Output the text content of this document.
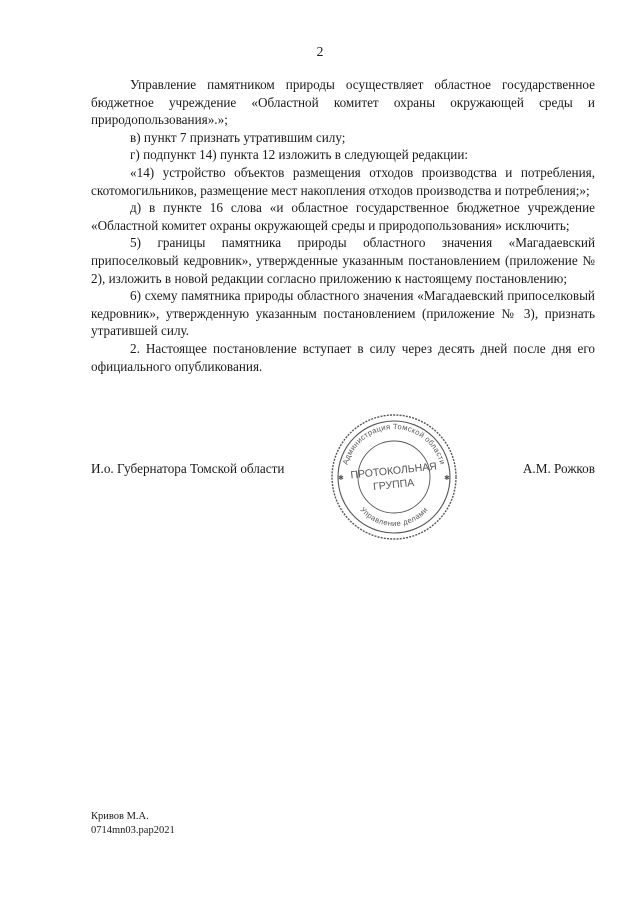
2

Управление памятником природы осуществляет областное государственное бюджетное учреждение «Областной комитет охраны окружающей среды и природопользования».»;

в) пункт 7 признать утратившим силу;

г) подпункт 14) пункта 12 изложить в следующей редакции:

«14) устройство объектов размещения отходов производства и потребления, скотомогильников, размещение мест накопления отходов производства и потребления;»;

д) в пункте 16 слова «и областное государственное бюджетное учреждение «Областной комитет охраны окружающей среды и природопользования» исключить;

5) границы памятника природы областного значения «Магадаевский припоселковый кедровник», утвержденные указанным постановлением (приложение № 2), изложить в новой редакции согласно приложению к настоящему постановлению;

6) схему памятника природы областного значения «Магадаевский припоселковый кедровник», утвержденную указанным постановлением (приложение № 3), признать утратившей силу.

2. Настоящее постановление вступает в силу через десять дней после дня его официального опубликования.

И.о. Губернатора Томской области	А.М. Рожков
Администрация Томской области
Управление делами
✱	✱
ПРОТОКОЛЬНАЯ
ГРУППА
Кривов М.А.
0714mn03.pap2021
